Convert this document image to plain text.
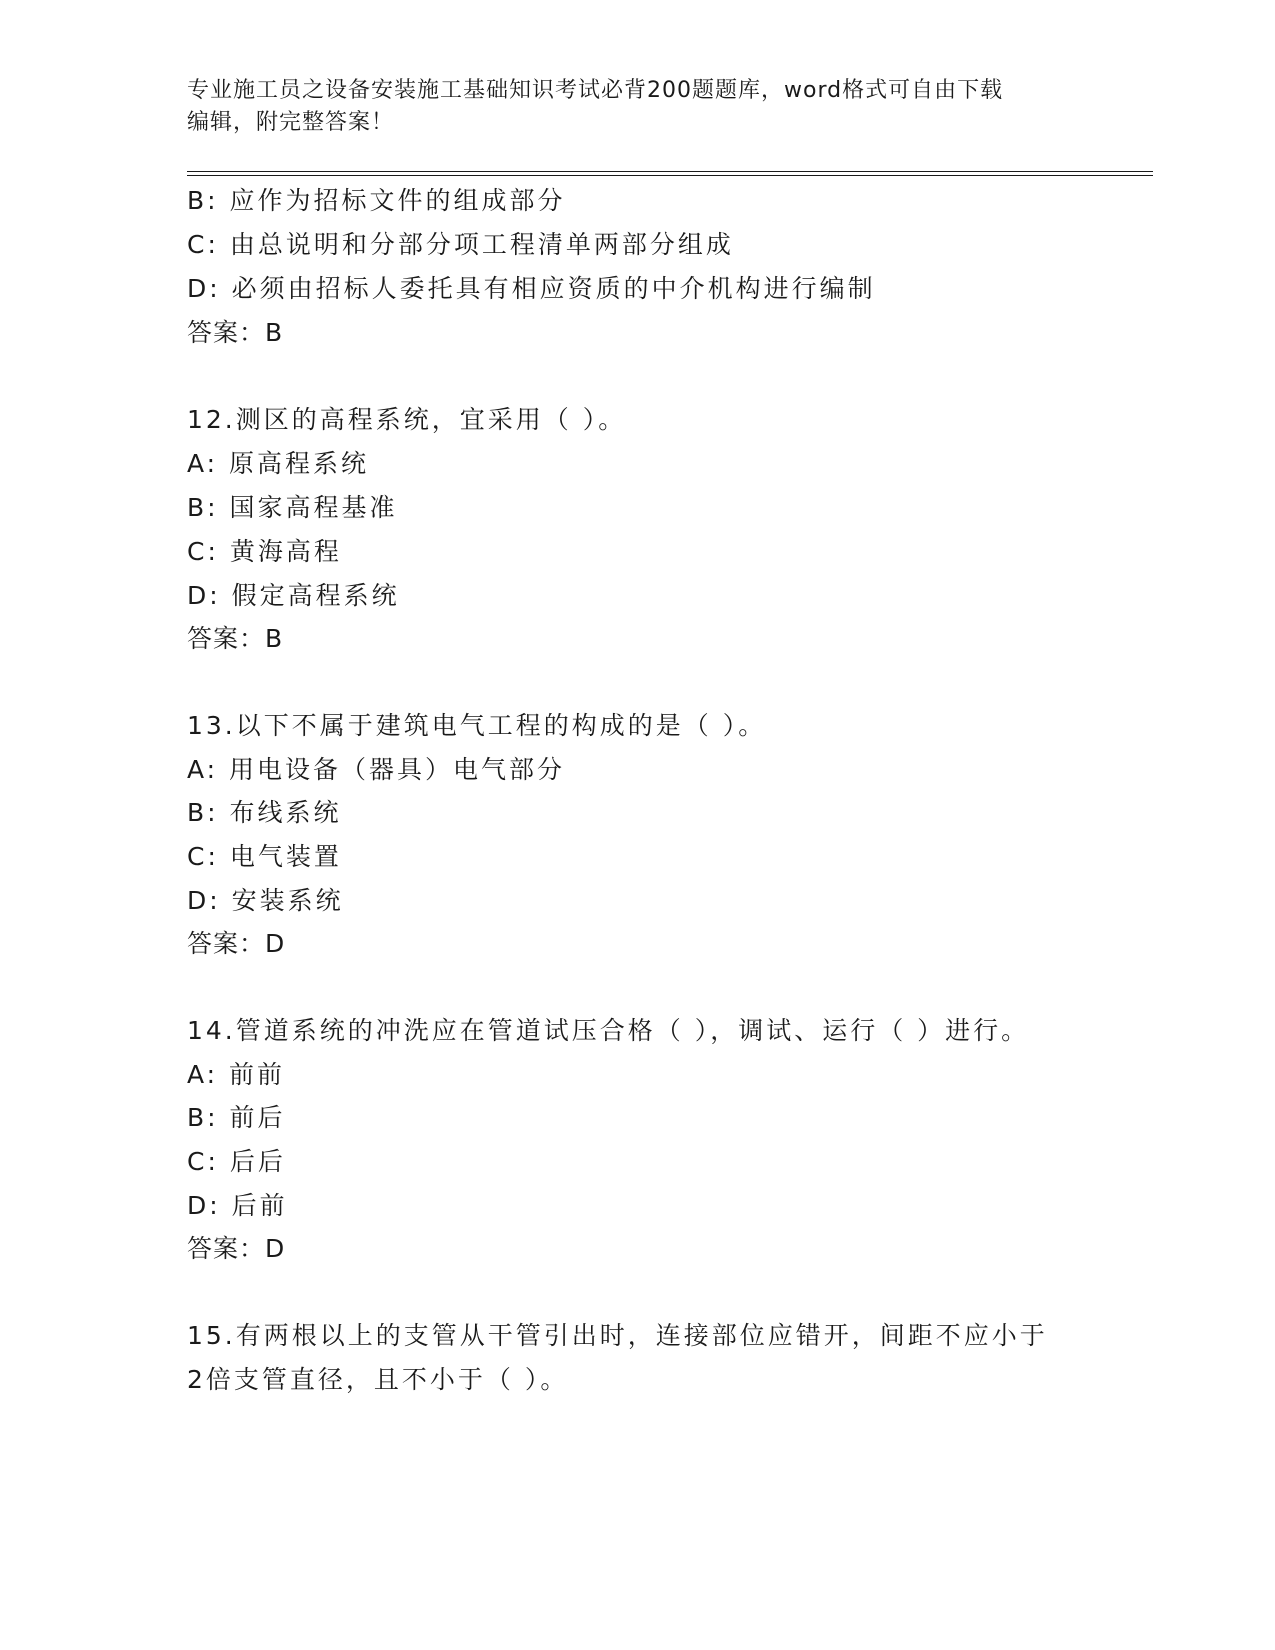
专业施工员之设备安装施工基础知识考试必背200题题库，word格式可自由下载
编辑，附完整答案！
B: 应作为招标文件的组成部分
C: 由总说明和分部分项工程清单两部分组成
D: 必须由招标人委托具有相应资质的中介机构进行编制
答案：B
12.测区的高程系统，宜采用（ ）。
A: 原高程系统
B: 国家高程基准
C: 黄海高程
D: 假定高程系统
答案：B
13.以下不属于建筑电气工程的构成的是（ ）。
A: 用电设备（器具）电气部分
B: 布线系统
C: 电气装置
D: 安装系统
答案：D
14.管道系统的冲洗应在管道试压合格（ ），调试、运行（ ）进行。
A: 前前
B: 前后
C: 后后
D: 后前
答案：D
15.有两根以上的支管从干管引出时，连接部位应错开，间距不应小于
2倍支管直径，且不小于（ ）。
